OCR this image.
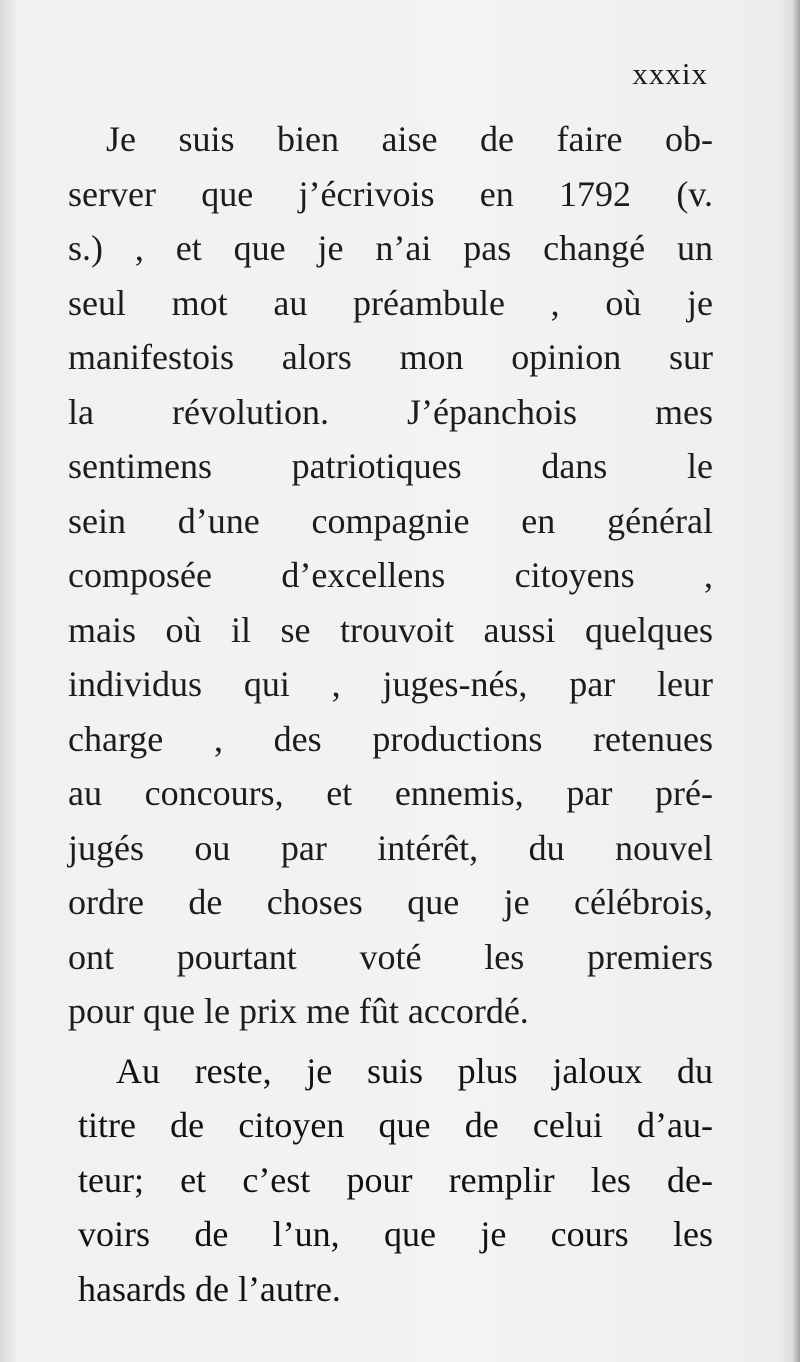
xxxix
Je suis bien aise de faire ob-
server que j’écrivois en 1792 (v.
s.) , et que je n’ai pas changé un
seul mot au préambule , où je
manifestois alors mon opinion sur
la révolution. J’épanchois mes
sentimens patriotiques dans le
sein d’une compagnie en général
composée d’excellens citoyens ,
mais où il se trouvoit aussi quelques
individus qui , juges-nés, par leur
charge , des productions retenues
au concours, et ennemis, par pré-
jugés ou par intérêt, du nouvel
ordre de choses que je célébrois,
ont pourtant voté les premiers
pour que le prix me fût accordé.
Au reste, je suis plus jaloux du
titre de citoyen que de celui d’au-
teur; et c’est pour remplir les de-
voirs de l’un, que je cours les
hasards de l’autre.
